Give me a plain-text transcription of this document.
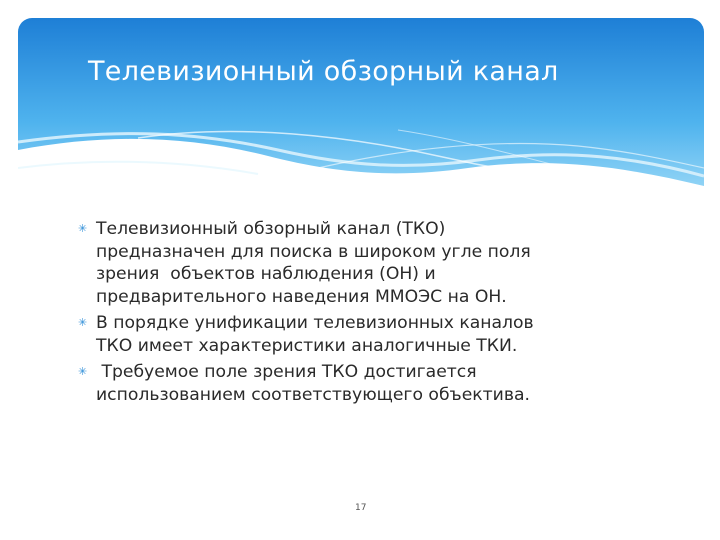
Телевизионный обзорный канал
✳ Телевизионный обзорный канал (ТКО)
предназначен для поиска в широком угле поля
зрения  объектов наблюдения (ОН) и
предварительного наведения ММОЭС на ОН.
✳ В порядке унификации телевизионных каналов
ТКО имеет характеристики аналогичные ТКИ.
✳ Требуемое поле зрения ТКО достигается
использованием соответствующего объектива.
17
